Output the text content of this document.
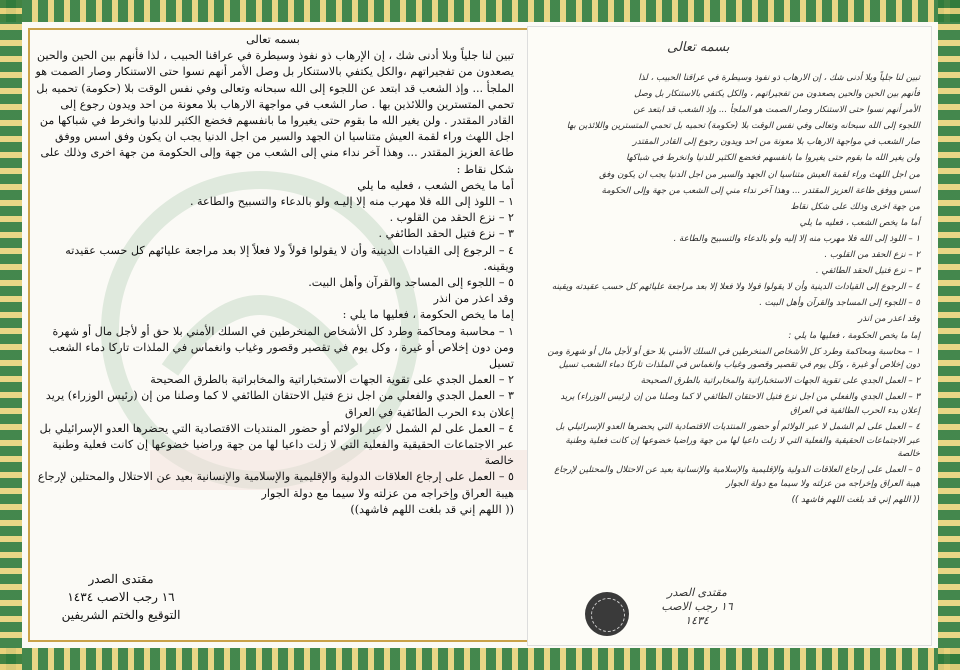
بسمه تعالى

تبين لنا جلياً وبلا أدنى شك ، إن الإرهاب ذو نفوذ وسيطرة في عراقنا الحبيب ، لذا فأنهم بين الحين والحين يصعدون من تفجيراتهم ،والكل يكتفي بالاستنكار بل وصل الأمر أنهم نسوا حتى الاستنكار وصار الصمت هو الملجأ ... وإذ الشعب قد ابتعد عن اللجوء إلى الله سبحانه وتعالى وفي نفس الوقت بلا (حكومة) تحميه بل تحمي المتسترين واللائذين بها . صار الشعب في مواجهة الارهاب بلا معونة من احد ويدون رجوع إلى القادر المقتدر . ولن يغير الله ما بقوم حتى يغيروا ما بانفسهم فخضع الكثير للدنيا وانخرط في شباكها من اجل اللهث وراء لقمة العيش متناسيا ان الجهد والسير من اجل الدنيا يجب ان يكون وفق اسس ووفق طاعة العزيز المقتدر ... وهذا آخر نداء مني إلى الشعب من جهة وإلى الحكومة من جهة اخرى وذلك على شكل نقاط :

أما ما يخص الشعب ، فعليه ما يلي

١ – اللوذ إلى الله فلا مهرب منه إلا إليـه ولو بالدعاء والتسبيح والطاعة .

٢ – نزع الحقد من القلوب .

٣ – نزع فتيل الحقد الطائفي .

٤ – الرجوع إلى القيادات الدينية وأن لا يقولوا قولاً ولا فعلاً إلا بعد مراجعة عليائهم كل حسب عقيدته ويقينه.

٥ – اللجوء إلى المساجد والقرآن وأهل البيت.

وقد اعذر من انذر

إما ما يخص الحكومة ، فعليها ما يلي :

١ – محاسبة ومحاكمة وطرد كل الأشخاص المنخرطين في السلك الأمني بلا حق أو لأجل مال أو شهرة ومن دون إخلاص أو غيرة ، وكل يوم في تقصير وقصور وغياب وانغماس في الملذات تاركا دماء الشعب تسيل

٢ – العمل الجدي على تقوية الجهات الاستخباراتية والمخابراتية بالطرق الصحيحة

٣ – العمل الجدي والفعلي من اجل نزع فتيل الاحتقان الطائفي لا كما وصلنا من إن (رئيس الوزراء) يريد إعلان بدء الحرب الطائفية في العراق

٤ – العمل على لم الشمل لا عبر الولائم أو حضور المنتديات الاقتصادية التي يحضرها العدو الإسرائيلي بل عبر الاجتماعات الحقيقية والفعلية التي لا زلت داعيا لها من جهة وراضيا خضوعها إن كانت فعلية وطنية خالصة

٥ – العمل على إرجاع العلاقات الدولية والإقليمية والإسلامية والإنسانية بعيد عن الاحتلال والمحتلين لإرجاع هيبة العراق وإخراجه من عزلته ولا سيما مع دولة الجوار

(( اللهم إني قد بلغت اللهم فاشهد))

مقتدى الصدر
١٦ رجب الاصب ١٤٣٤
التوقيع والختم الشريفين
بسمه تعالى

تبين لنا جلياً وبلا أدنى شك ، إن الارهاب ذو نفوذ وسيطرة في عراقنا الحبيب ، لذا

فأنهم بين الحين والحين يصعدون من تفجيراتهم ، والكل يكتفي بالاستنكار بل وصل

الأمر أنهم نسوا حتى الاستنكار وصار الصمت هو الملجأ ... وإذ الشعب قد ابتعد عن

اللجوء إلى الله سبحانه وتعالى وفي نفس الوقت بلا (حكومة) تحميه بل تحمي المتسترين واللائذين بها

صار الشعب في مواجهة الارهاب بلا معونة من احد ويدون رجوع إلى القادر المقتدر

ولن يغير الله ما بقوم حتى يغيروا ما بانفسهم فخضع الكثير للدنيا وانخرط في شباكها

من اجل اللهث وراء لقمة العيش متناسيا ان الجهد والسير من اجل الدنيا يجب ان يكون وفق

اسس ووفق طاعة العزيز المقتدر ... وهذا آخر نداء مني إلى الشعب من جهة وإلى الحكومة

من جهة اخرى وذلك على شكل نقاط

أما ما يخص الشعب ، فعليه ما يلي

١ – اللوذ إلى الله فلا مهرب منه إلا إليه ولو بالدعاء والتسبيح والطاعة .

٢ – نزع الحقد من القلوب .

٣ – نزع فتيل الحقد الطائفي .

٤ – الرجوع إلى القيادات الدينية وأن لا يقولوا قولا ولا فعلا إلا بعد مراجعة عليائهم كل حسب عقيدته ويقينه

٥ – اللجوء إلى المساجد والقرآن وأهل البيت .

وقد اعذر من انذر

إما ما يخص الحكومة ، فعليها ما يلي :

١ – محاسبة ومحاكمة وطرد كل الأشخاص المنخرطين في السلك الأمني بلا حق أو لأجل مال أو شهرة ومن دون إخلاص أو غيرة ، وكل يوم في تقصير وقصور وغياب وانغماس في الملذات تاركا دماء الشعب تسيل

٢ – العمل الجدي على تقوية الجهات الاستخباراتية والمخابراتية بالطرق الصحيحة

٣ – العمل الجدي والفعلي من اجل نزع فتيل الاحتقان الطائفي لا كما وصلنا من إن (رئيس الوزراء) يريد إعلان بدء الحرب الطائفية في العراق

٤ – العمل على لم الشمل لا عبر الولائم أو حضور المنتديات الاقتصادية التي يحضرها العدو الإسرائيلي بل عبر الاجتماعات الحقيقية والفعلية التي لا زلت داعيا لها من جهة وراضيا خضوعها إن كانت فعلية وطنية خالصة

٥ – العمل على إرجاع العلاقات الدولية والإقليمية والإسلامية والإنسانية بعيد عن الاحتلال والمحتلين لإرجاع هيبة العراق وإخراجه من عزلته ولا سيما مع دولة الجوار

(( اللهم إني قد بلغت اللهم فاشهد ))

مقتدى الصدر
١٦ رجب الاصب ١٤٣٤
